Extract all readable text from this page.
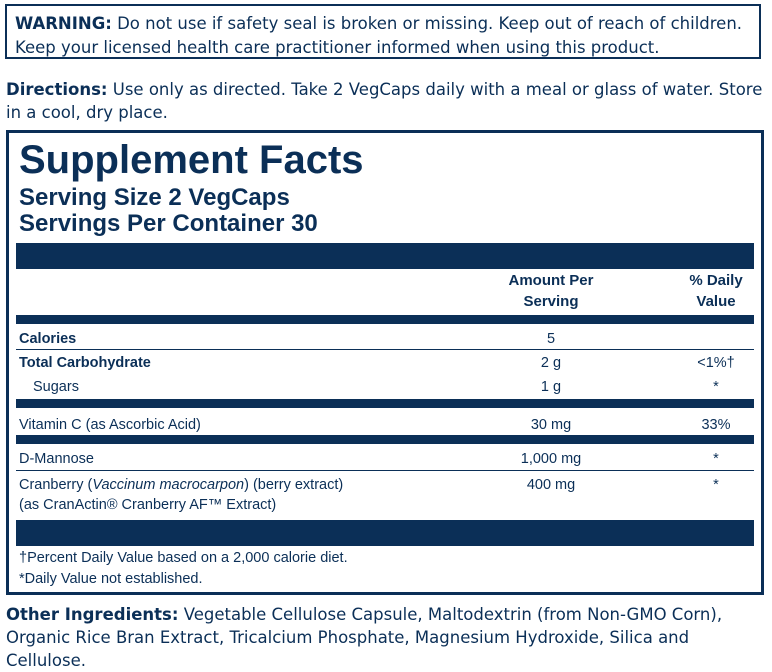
WARNING: Do not use if safety seal is broken or missing. Keep out of reach of children. Keep your licensed health care practitioner informed when using this product.
Directions: Use only as directed. Take 2 VegCaps daily with a meal or glass of water. Store in a cool, dry place.
Supplement Facts
Serving Size 2 VegCaps
Servings Per Container 30
Amount Per
Serving
% Daily
Value
Calories	5
Total Carbohydrate	2 g	<1%†
Sugars	1 g	*
Vitamin C (as Ascorbic Acid)	30 mg	33%
D-Mannose	1,000 mg	*
Cranberry (Vaccinum macrocarpon) (berry extract)
(as CranActin® Cranberry AF™ Extract)
400 mg	*
†Percent Daily Value based on a 2,000 calorie diet.
*Daily Value not established.
Other Ingredients: Vegetable Cellulose Capsule, Maltodextrin (from Non-GMO Corn), Organic Rice Bran Extract, Tricalcium Phosphate, Magnesium Hydroxide, Silica and Cellulose.
